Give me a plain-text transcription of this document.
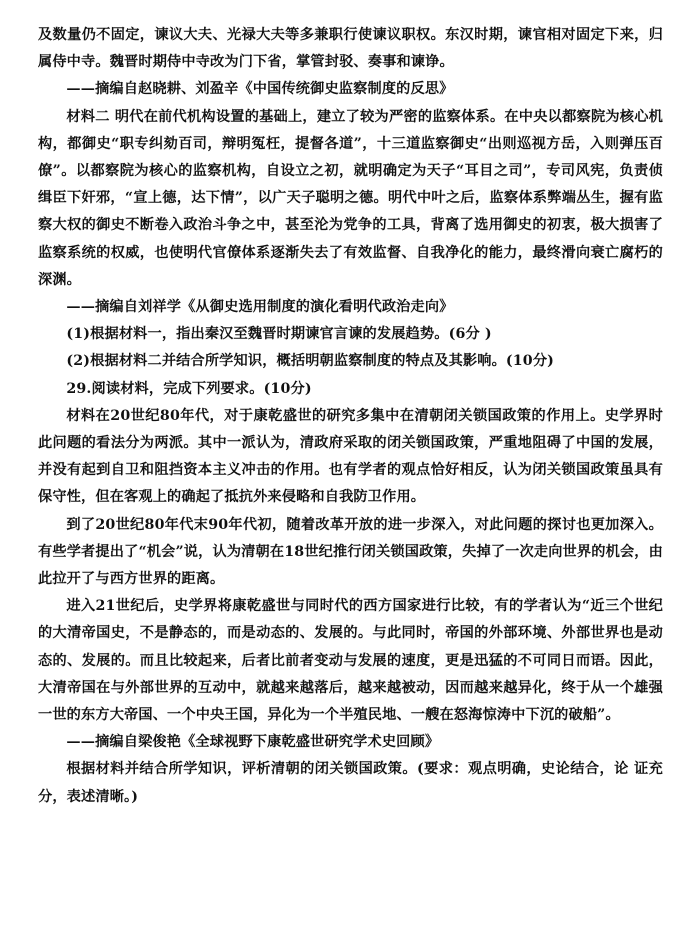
及数量仍不固定，谏议大夫、光禄大夫等多兼职行使谏议职权。东汉时期，谏官相对固定下来，归属侍中寺。魏晋时期侍中寺改为门下省，掌管封驳、奏事和谏诤。

——摘编自赵晓耕、刘盈辛《中国传统御史监察制度的反思》

材料二 明代在前代机构设置的基础上，建立了较为严密的监察体系。在中央以都察院为核心机构，都御史“职专纠劾百司，辩明冤枉，提督各道”，十三道监察御史“出则巡视方岳，入则弹压百僚”。以都察院为核心的监察机构，自设立之初，就明确定为天子“耳目之司”，专司风宪，负责侦缉臣下奸邪，“宣上德，达下情”，以广天子聪明之德。明代中叶之后，监察体系弊端丛生，握有监察大权的御史不断卷入政治斗争之中，甚至沦为党争的工具，背离了选用御史的初衷，极大损害了监察系统的权威，也使明代官僚体系逐渐失去了有效监督、自我净化的能力，最终滑向衰亡腐朽的深渊。

——摘编自刘祥学《从御史选用制度的演化看明代政治走向》

(1)根据材料一，指出秦汉至魏晋时期谏官言谏的发展趋势。(6分 )

(2)根据材料二并结合所学知识，概括明朝监察制度的特点及其影响。(10分)

29.阅读材料，完成下列要求。(10分)

材料在20世纪80年代，对于康乾盛世的研究多集中在清朝闭关锁国政策的作用上。史学界时此问题的看法分为两派。其中一派认为，清政府采取的闭关锁国政策，严重地阻碍了中国的发展，并没有起到自卫和阻挡资本主义冲击的作用。也有学者的观点恰好相反，认为闭关锁国政策虽具有保守性，但在客观上的确起了抵抗外来侵略和自我防卫作用。

到了20世纪80年代末90年代初，随着改革开放的进一步深入，对此问题的探讨也更加深入。有些学者提出了“机会”说，认为清朝在18世纪推行闭关锁国政策，失掉了一次走向世界的机会，由此拉开了与西方世界的距离。

进入21世纪后，史学界将康乾盛世与同时代的西方国家进行比较，有的学者认为“近三个世纪的大清帝国史，不是静态的，而是动态的、发展的。与此同时，帝国的外部环境、外部世界也是动态的、发展的。而且比较起来，后者比前者变动与发展的速度，更是迅猛的不可同日而语。因此，大清帝国在与外部世界的互动中，就越来越落后，越来越被动，因而越来越异化，终于从一个雄强一世的东方大帝国、一个中央王国，异化为一个半殖民地、一艘在怒海惊涛中下沉的破船”。

——摘编自梁俊艳《全球视野下康乾盛世研究学术史回顾》

根据材料并结合所学知识，评析清朝的闭关锁国政策。(要求：观点明确，史论结合，论 证充分，表述清晰。)
